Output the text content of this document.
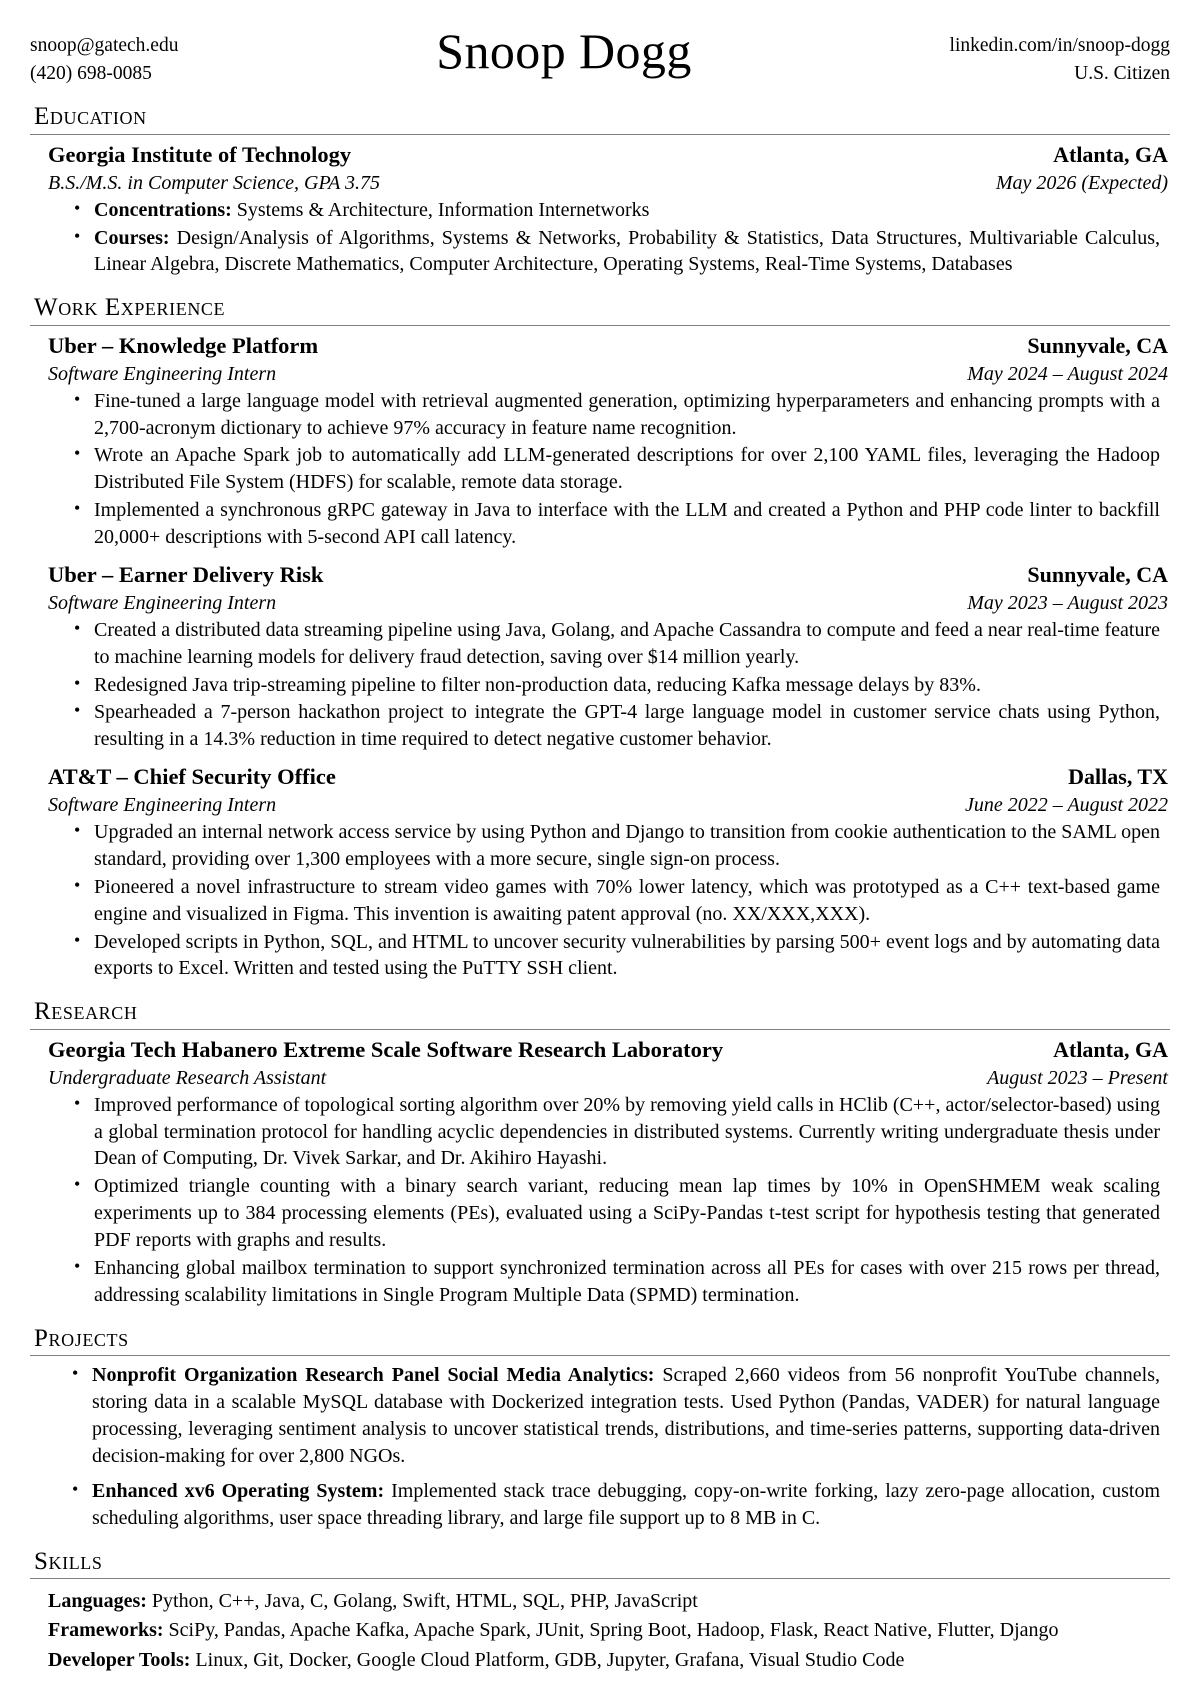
snoop@gatech.edu
(420) 698-0085	Snoop Dogg	linkedin.com/in/snoop-dogg
U.S. Citizen
Education
Georgia Institute of Technology	Atlanta, GA
B.S./M.S. in Computer Science, GPA 3.75	May 2026 (Expected)
• Concentrations: Systems & Architecture, Information Internetworks
• Courses: Design/Analysis of Algorithms, Systems & Networks, Probability & Statistics, Data Structures, Multivariable Calculus, Linear Algebra, Discrete Mathematics, Computer Architecture, Operating Systems, Real-Time Systems, Databases
Work Experience
Uber – Knowledge Platform	Sunnyvale, CA
Software Engineering Intern	May 2024 – August 2024
• Fine-tuned a large language model with retrieval augmented generation, optimizing hyperparameters and enhancing prompts with a 2,700-acronym dictionary to achieve 97% accuracy in feature name recognition.
• Wrote an Apache Spark job to automatically add LLM-generated descriptions for over 2,100 YAML files, leveraging the Hadoop Distributed File System (HDFS) for scalable, remote data storage.
• Implemented a synchronous gRPC gateway in Java to interface with the LLM and created a Python and PHP code linter to backfill 20,000+ descriptions with 5-second API call latency.
Uber – Earner Delivery Risk	Sunnyvale, CA
Software Engineering Intern	May 2023 – August 2023
• Created a distributed data streaming pipeline using Java, Golang, and Apache Cassandra to compute and feed a near real-time feature to machine learning models for delivery fraud detection, saving over $14 million yearly.
• Redesigned Java trip-streaming pipeline to filter non-production data, reducing Kafka message delays by 83%.
• Spearheaded a 7-person hackathon project to integrate the GPT-4 large language model in customer service chats using Python, resulting in a 14.3% reduction in time required to detect negative customer behavior.
AT&T – Chief Security Office	Dallas, TX
Software Engineering Intern	June 2022 – August 2022
• Upgraded an internal network access service by using Python and Django to transition from cookie authentication to the SAML open standard, providing over 1,300 employees with a more secure, single sign-on process.
• Pioneered a novel infrastructure to stream video games with 70% lower latency, which was prototyped as a C++ text-based game engine and visualized in Figma. This invention is awaiting patent approval (no. XX/XXX,XXX).
• Developed scripts in Python, SQL, and HTML to uncover security vulnerabilities by parsing 500+ event logs and by automating data exports to Excel. Written and tested using the PuTTY SSH client.
Research
Georgia Tech Habanero Extreme Scale Software Research Laboratory	Atlanta, GA
Undergraduate Research Assistant	August 2023 – Present
• Improved performance of topological sorting algorithm over 20% by removing yield calls in HClib (C++, actor/selector-based) using a global termination protocol for handling acyclic dependencies in distributed systems. Currently writing undergraduate thesis under Dean of Computing, Dr. Vivek Sarkar, and Dr. Akihiro Hayashi.
• Optimized triangle counting with a binary search variant, reducing mean lap times by 10% in OpenSHMEM weak scaling experiments up to 384 processing elements (PEs), evaluated using a SciPy-Pandas t-test script for hypothesis testing that generated PDF reports with graphs and results.
• Enhancing global mailbox termination to support synchronized termination across all PEs for cases with over 215 rows per thread, addressing scalability limitations in Single Program Multiple Data (SPMD) termination.
Projects
• Nonprofit Organization Research Panel Social Media Analytics: Scraped 2,660 videos from 56 nonprofit YouTube channels, storing data in a scalable MySQL database with Dockerized integration tests. Used Python (Pandas, VADER) for natural language processing, leveraging sentiment analysis to uncover statistical trends, distributions, and time-series patterns, supporting data-driven decision-making for over 2,800 NGOs.
• Enhanced xv6 Operating System: Implemented stack trace debugging, copy-on-write forking, lazy zero-page allocation, custom scheduling algorithms, user space threading library, and large file support up to 8 MB in C.
Skills
Languages: Python, C++, Java, C, Golang, Swift, HTML, SQL, PHP, JavaScript
Frameworks: SciPy, Pandas, Apache Kafka, Apache Spark, JUnit, Spring Boot, Hadoop, Flask, React Native, Flutter, Django
Developer Tools: Linux, Git, Docker, Google Cloud Platform, GDB, Jupyter, Grafana, Visual Studio Code
